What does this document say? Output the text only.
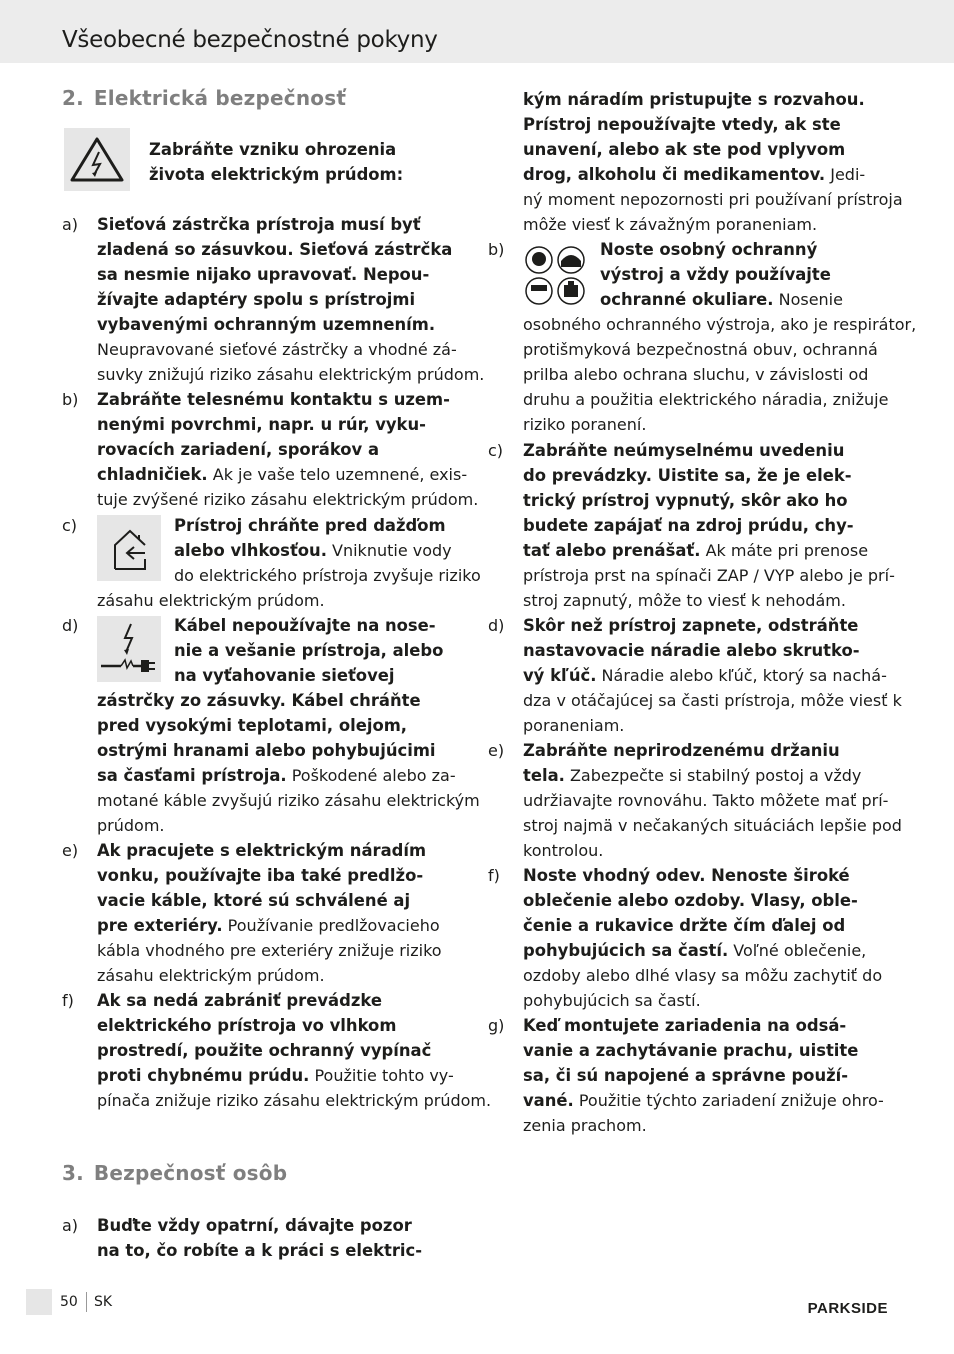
Všeobecné bezpečnostné pokyny
2. Elektrická bezpečnosť
Zabráňte vzniku ohrozenia
života elektrickým prúdom:
a)	Sieťová zástrčka prístroja musí byť
zladená so zásuvkou. Sieťová zástrčka
sa nesmie nijako upravovať. Nepou-
žívajte adaptéry spolu s prístrojmi
vybavenými ochranným uzemnením.
Neupravované sieťové zástrčky a vhodné zá-
suvky znižujú riziko zásahu elektrickým prúdom.
b)	Zabráňte telesnému kontaktu s uzem-
nenými povrchmi, napr. u rúr, vyku-
rovacích zariadení, sporákov a
chladničiek. Ak je vaše telo uzemnené, exis-
tuje zvýšené riziko zásahu elektrickým prúdom.
c)	Prístroj chráňte pred dažďom
alebo vlhkosťou. Vniknutie vody
do elektrického prístroja zvyšuje riziko
zásahu elektrickým prúdom.
d)	Kábel nepoužívajte na nose-
nie a vešanie prístroja, alebo
na vyťahovanie sieťovej
zástrčky zo zásuvky. Kábel chráňte
pred vysokými teplotami, olejom,
ostrými hranami alebo pohybujúcimi
sa časťami prístroja. Poškodené alebo za-
motané káble zvyšujú riziko zásahu elektrickým
prúdom.
e)	Ak pracujete s elektrickým náradím
vonku, používajte iba také predlžo-
vacie káble, ktoré sú schválené aj
pre exteriéry. Používanie predlžovacieho
kábla vhodného pre exteriéry znižuje riziko
zásahu elektrickým prúdom.
f)	Ak sa nedá zabrániť prevádzke
elektrického prístroja vo vlhkom
prostredí, použite ochranný vypínač
proti chybnému prúdu. Použitie tohto vy-
pínača znižuje riziko zásahu elektrickým prúdom.
3. Bezpečnosť osôb
a)	Buďte vždy opatrní, dávajte pozor
na to, čo robíte a k práci s elektric-
kým náradím pristupujte s rozvahou.
Prístroj nepoužívajte vtedy, ak ste
unavení, alebo ak ste pod vplyvom
drog, alkoholu či medikamentov. Jedi-
ný moment nepozornosti pri používaní prístroja
môže viesť k závažným poraneniam.
b)	Noste osobný ochranný
výstroj a vždy používajte
ochranné okuliare. Nosenie
osobného ochranného výstroja, ako je respirátor,
protišmyková bezpečnostná obuv, ochranná
prilba alebo ochrana sluchu, v závislosti od
druhu a použitia elektrického náradia, znižuje
riziko poranení.
c)	Zabráňte neúmyselnému uvedeniu
do prevádzky. Uistite sa, že je elek-
trický prístroj vypnutý, skôr ako ho
budete zapájať na zdroj prúdu, chy-
tať alebo prenášať. Ak máte pri prenose
prístroja prst na spínači ZAP / VYP alebo je prí-
stroj zapnutý, môže to viesť k nehodám.
d)	Skôr než prístroj zapnete, odstráňte
nastavovacie náradie alebo skrutko-
vý kľúč. Náradie alebo kľúč, ktorý sa nachá-
dza v otáčajúcej sa časti prístroja, môže viesť k
poraneniam.
e)	Zabráňte neprirodzenému držaniu
tela. Zabezpečte si stabilný postoj a vždy
udržiavajte rovnováhu. Takto môžete mať prí-
stroj najmä v nečakaných situáciách lepšie pod
kontrolou.
f)	Noste vhodný odev. Nenoste široké
oblečenie alebo ozdoby. Vlasy, oble-
čenie a rukavice držte čím ďalej od
pohybujúcich sa častí. Voľné oblečenie,
ozdoby alebo dlhé vlasy sa môžu zachytiť do
pohybujúcich sa častí.
g)	Keď montujete zariadenia na odsá-
vanie a zachytávanie prachu, uistite
sa, či sú napojené a správne použí-
vané. Použitie týchto zariadení znižuje ohro-
zenia prachom.
50 SK	PARKSIDE
